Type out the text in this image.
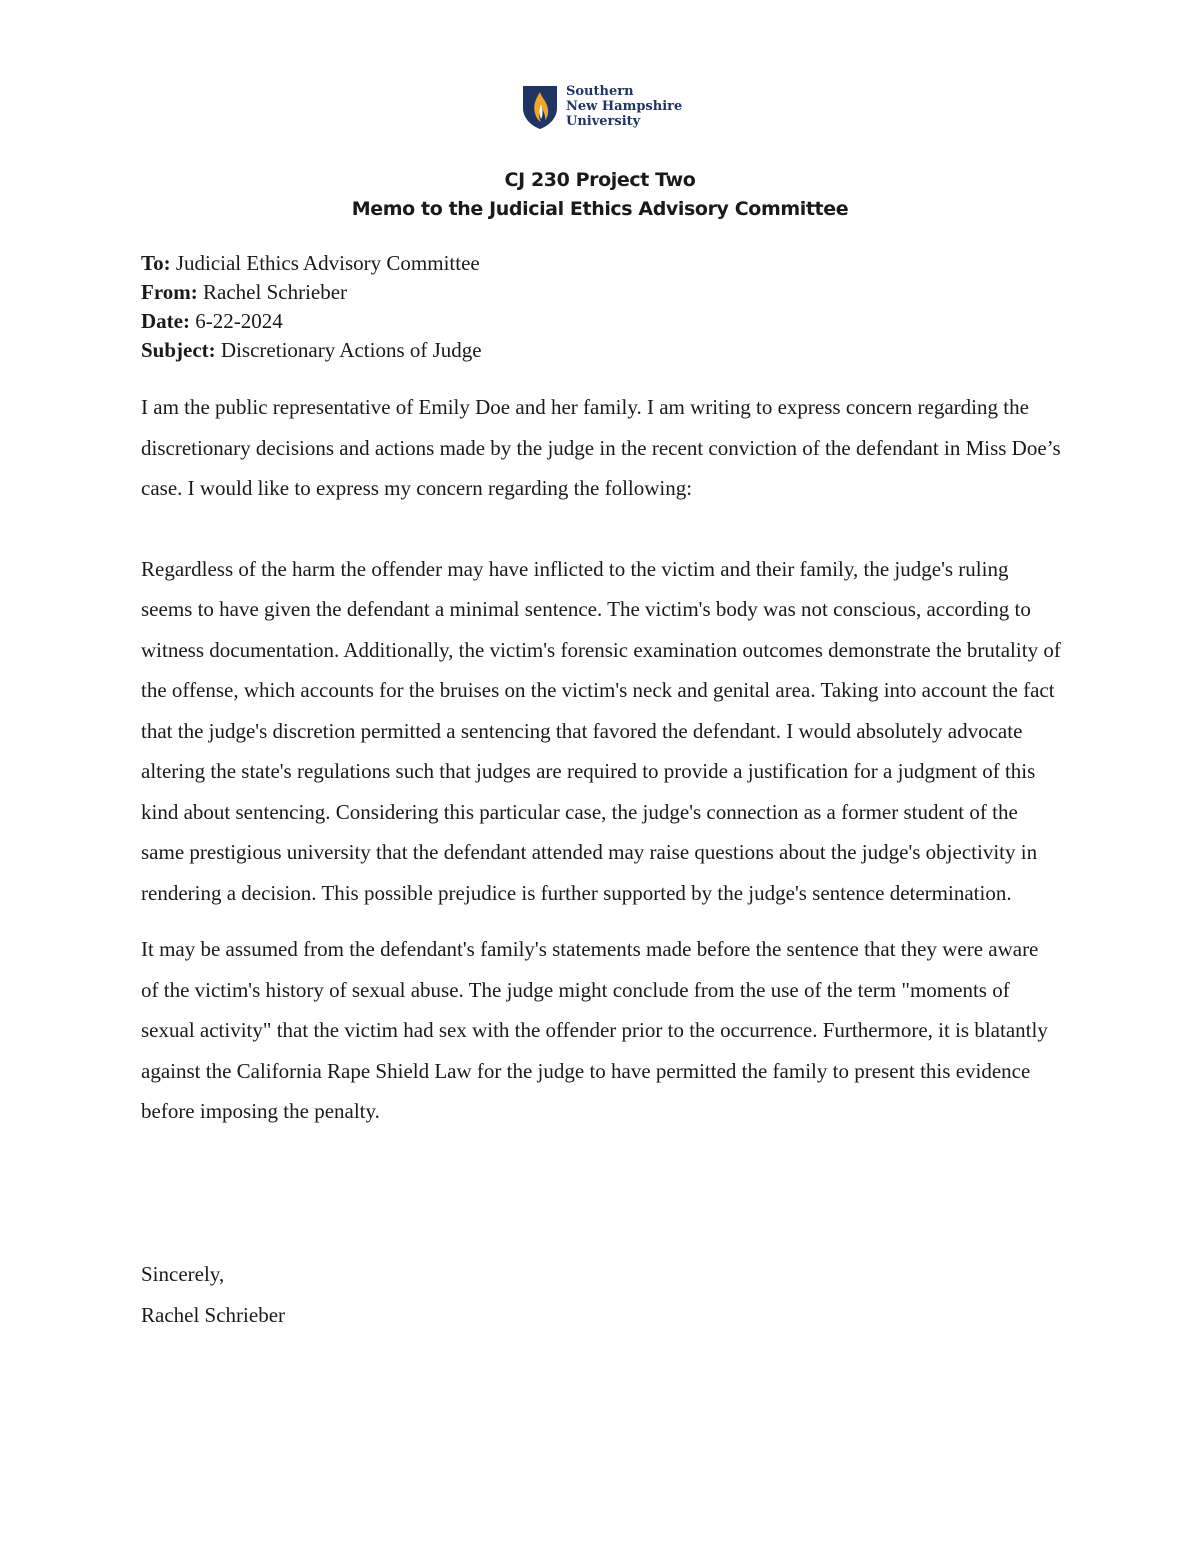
Southern
New Hampshire
University
CJ 230 Project Two
Memo to the Judicial Ethics Advisory Committee
To: Judicial Ethics Advisory Committee
From: Rachel Schrieber
Date: 6-22-2024
Subject: Discretionary Actions of Judge

I am the public representative of Emily Doe and her family. I am writing to express concern regarding the discretionary decisions and actions made by the judge in the recent conviction of the defendant in Miss Doe’s case. I would like to express my concern regarding the following:

Regardless of the harm the offender may have inflicted to the victim and their family, the judge's ruling seems to have given the defendant a minimal sentence. The victim's body was not conscious, according to witness documentation. Additionally, the victim's forensic examination outcomes demonstrate the brutality of the offense, which accounts for the bruises on the victim's neck and genital area. Taking into account the fact that the judge's discretion permitted a sentencing that favored the defendant. I would absolutely advocate altering the state's regulations such that judges are required to provide a justification for a judgment of this kind about sentencing. Considering this particular case, the judge's connection as a former student of the same prestigious university that the defendant attended may raise questions about the judge's objectivity in rendering a decision. This possible prejudice is further supported by the judge's sentence determination.

It may be assumed from the defendant's family's statements made before the sentence that they were aware of the victim's history of sexual abuse. The judge might conclude from the use of the term "moments of sexual activity" that the victim had sex with the offender prior to the occurrence. Furthermore, it is blatantly against the California Rape Shield Law for the judge to have permitted the family to present this evidence before imposing the penalty.

Sincerely,
Rachel Schrieber
